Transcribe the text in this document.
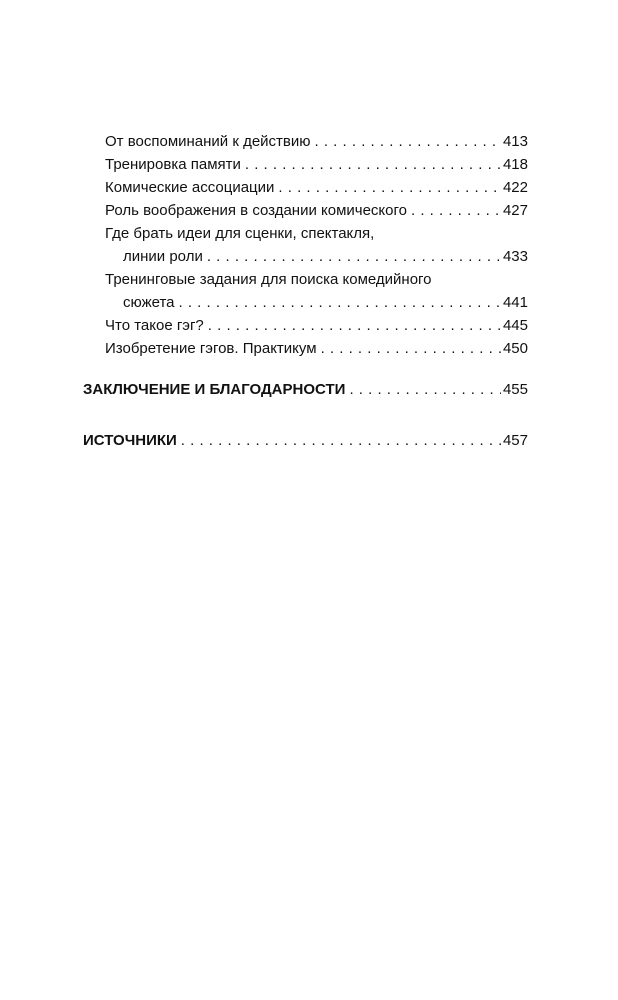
От воспоминаний к действию . . .	413
Тренировка памяти . . .	418
Комические ассоциации . . .	422
Роль воображения в создании комического . . .	427
Где брать идеи для сценки, спектакля,
линии роли . . .	433
Тренинговые задания для поиска комедийного
сюжета . . .	441
Что такое гэг? . . .	445
Изобретение гэгов. Практикум . . .	450
ЗАКЛЮЧЕНИЕ И БЛАГОДАРНОСТИ . . .	455
ИСТОЧНИКИ . . .	457
